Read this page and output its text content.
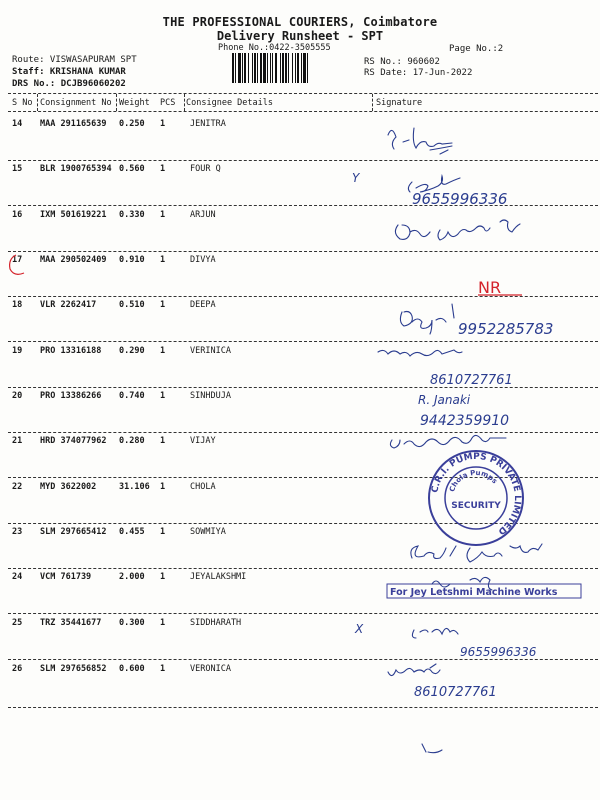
THE PROFESSIONAL COURIERS, Coimbatore
Delivery Runsheet - SPT
Phone No.:0422-3505555	Page No.:2
Route: VISWASAPURAM SPT
Staff: KRISHANA KUMAR
DRS No.: DCJB96060202
RS No.: 960602
RS Date: 17-Jun-2022
S No Consignment No Weight PCS Consignee Details	Signature
14 MAA 291165639 0.250 1	JENITRA
15 BLR 1900765394 0.560 1	FOUR Q
16 IXM 501619221 0.330 1	ARJUN
17 MAA 290502409 0.910 1	DIVYA
18 VLR 2262417	0.510 1	DEEPA
19 PRO 13316188 0.290 1	VERINICA
20 PRO 13386266 0.740 1	SINHDUJA
21 HRD 374077962 0.280 1	VIJAY
22 MYD 3622002	31.106 1	CHOLA
23 SLM 297665412 0.455 1	SOWMIYA
24 VCM 761739	2.000 1	JEYALAKSHMI
25 TRZ 35441677 0.300 1	SIDDHARATH
26 SLM 297656852 0.600 1	VERONICA
Y
9655996336
NR
9952285783
8610727761
R. Janaki
9442359910
C.R.I. PUMPS PRIVATE LIMITED
Chola Pumps
SECURITY
For Jey Letshmi Machine Works
X
9655996336
8610727761
